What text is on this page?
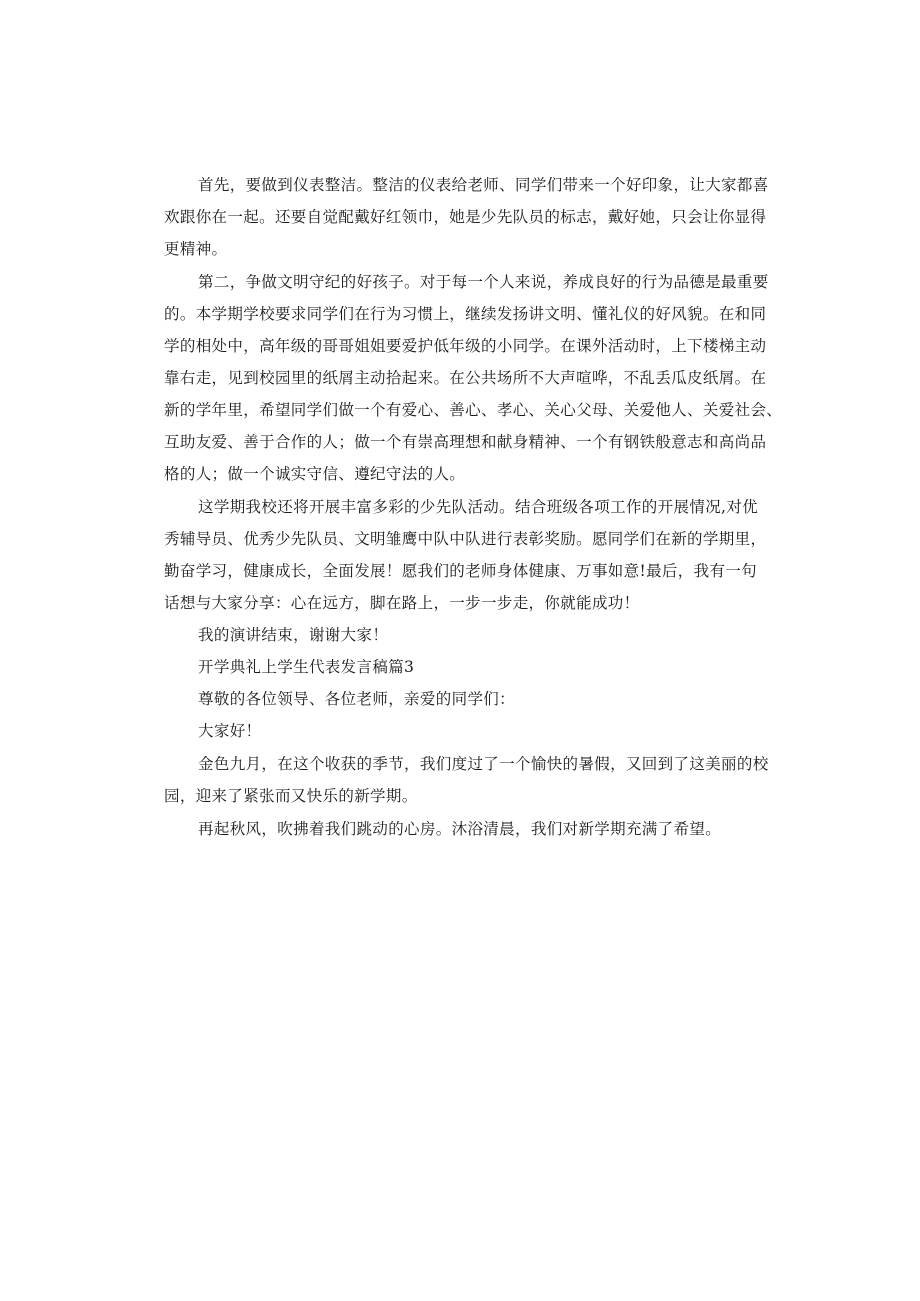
首先，要做到仪表整洁。整洁的仪表给老师、同学们带来一个好印象，让大家都喜

欢跟你在一起。还要自觉配戴好红领巾，她是少先队员的标志，戴好她，只会让你显得

更精神。

第二，争做文明守纪的好孩子。对于每一个人来说，养成良好的行为品德是最重要

的。本学期学校要求同学们在行为习惯上，继续发扬讲文明、懂礼仪的好风貌。在和同

学的相处中，高年级的哥哥姐姐要爱护低年级的小同学。在课外活动时，上下楼梯主动

靠右走，见到校园里的纸屑主动拾起来。在公共场所不大声喧哗，不乱丢瓜皮纸屑。在

新的学年里，希望同学们做一个有爱心、善心、孝心、关心父母、关爱他人、关爱社会、

互助友爱、善于合作的人；做一个有崇高理想和献身精神、一个有钢铁般意志和高尚品

格的人；做一个诚实守信、遵纪守法的人。

这学期我校还将开展丰富多彩的少先队活动。结合班级各项工作的开展情况,对优

秀辅导员、优秀少先队员、文明雏鹰中队中队进行表彰奖励。愿同学们在新的学期里，

勤奋学习，健康成长，全面发展！愿我们的老师身体健康、万事如意!最后，我有一句

话想与大家分享：心在远方，脚在路上，一步一步走，你就能成功！

我的演讲结束，谢谢大家！

开学典礼上学生代表发言稿篇3

尊敬的各位领导、各位老师，亲爱的同学们：

大家好！

金色九月，在这个收获的季节，我们度过了一个愉快的暑假，又回到了这美丽的校

园，迎来了紧张而又快乐的新学期。

再起秋风，吹拂着我们跳动的心房。沐浴清晨，我们对新学期充满了希望。
